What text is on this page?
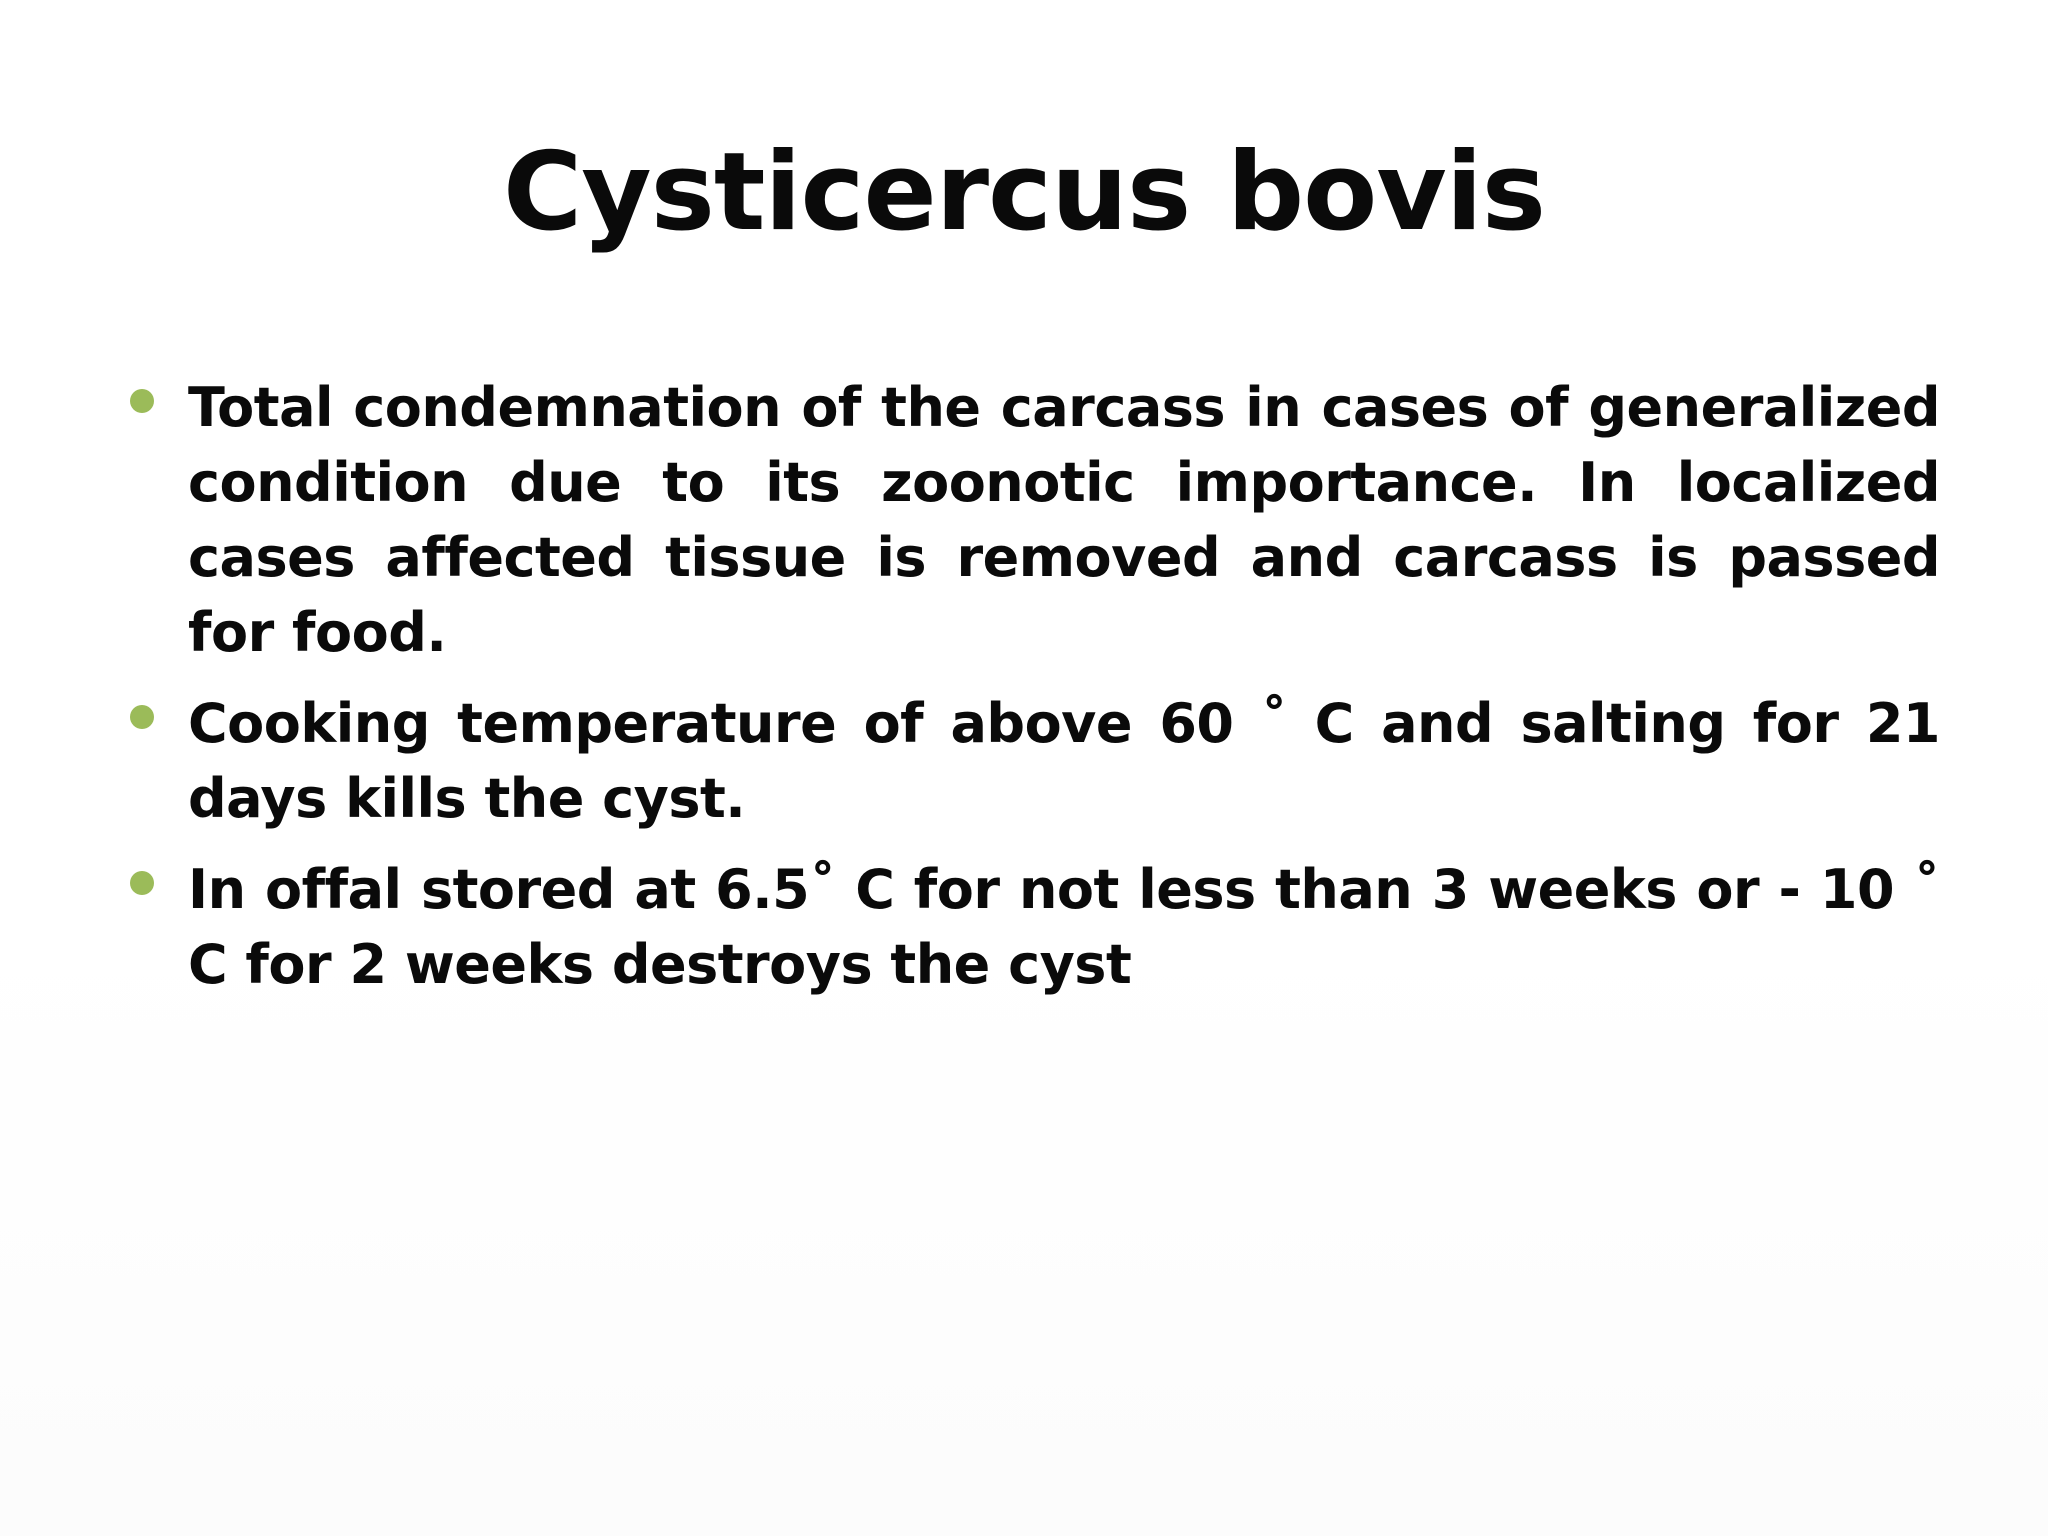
Cysticercus bovis
Total condemnation of the carcass in cases of generalized condition due to its zoonotic importance. In localized cases affected tissue is removed and carcass is passed for food.
Cooking temperature of above 60 ˚ C and salting for 21 days kills the cyst.
In offal stored at 6.5˚ C for not less than 3 weeks or - 10 ˚ C for 2 weeks destroys the cyst
